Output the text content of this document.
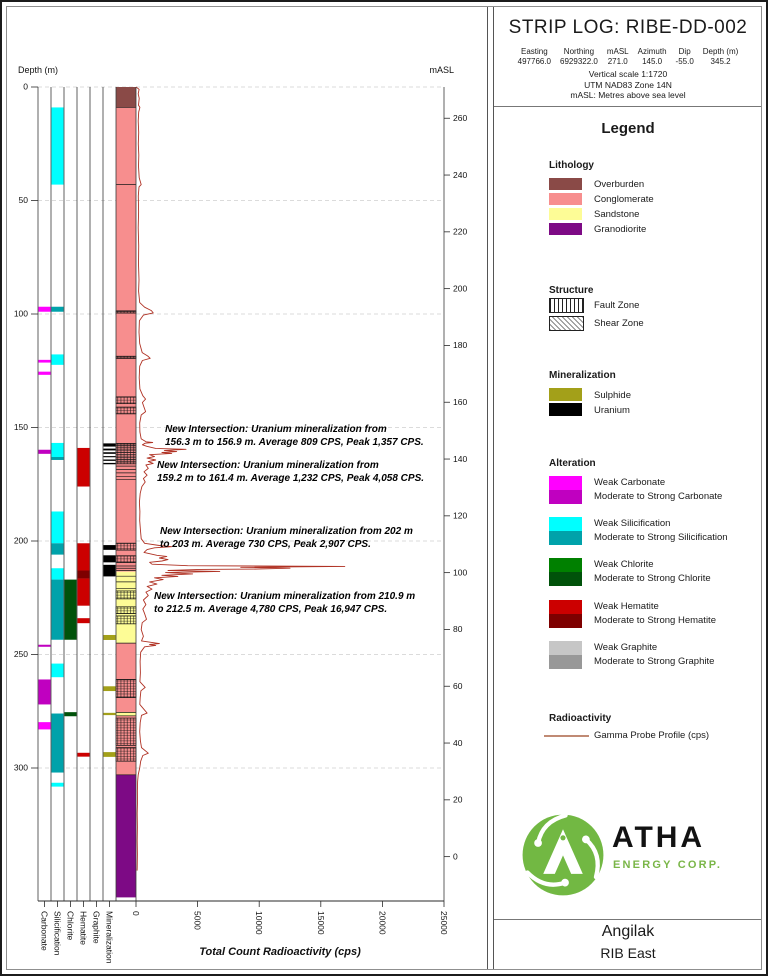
0
50
100
150
200
250
300
Depth (m)
260
240
220
200
180
160
140
120
100
80
60
40
20
0
mASL
0	5000	10000	15000	20000	25000
Carbonate Silicification Chlorite Hematite Graphite Mineralization	Total Count Radioactivity (cps)
New Intersection: Uranium mineralization from
156.3 m to 156.9 m. Average 809 CPS, Peak 1,357 CPS.
New Intersection: Uranium mineralization from
159.2 m to 161.4 m. Average 1,232 CPS, Peak 4,058 CPS.
New Intersection: Uranium mineralization from 202 m
to 203 m. Average 730 CPS, Peak 2,907 CPS.
New Intersection: Uranium mineralization from 210.9 m
to 212.5 m. Average 4,780 CPS, Peak 16,947 CPS.
STRIP LOG: RIBE-DD-002
Easting
497766.0
Northing
6929322.0
mASL
271.0
Azimuth
145.0
Dip
-55.0
Depth (m)
345.2
Vertical scale 1:1720
UTM NAD83 Zone 14N
mASL: Metres above sea level
Legend
Lithology
Overburden
Conglomerate
Sandstone
Granodiorite
Structure
Fault Zone
Shear Zone
Mineralization
Sulphide
Uranium
Alteration
Weak Carbonate
Moderate to Strong Carbonate
Weak Silicification
Moderate to Strong Silicification
Weak Chlorite
Moderate to Strong Chlorite
Weak Hematite
Moderate to Strong Hematite
Weak Graphite
Moderate to Strong Graphite
Radioactivity
Gamma Probe Profile (cps)
ATHA
ENERGY CORP.
Angilak
RIB East
